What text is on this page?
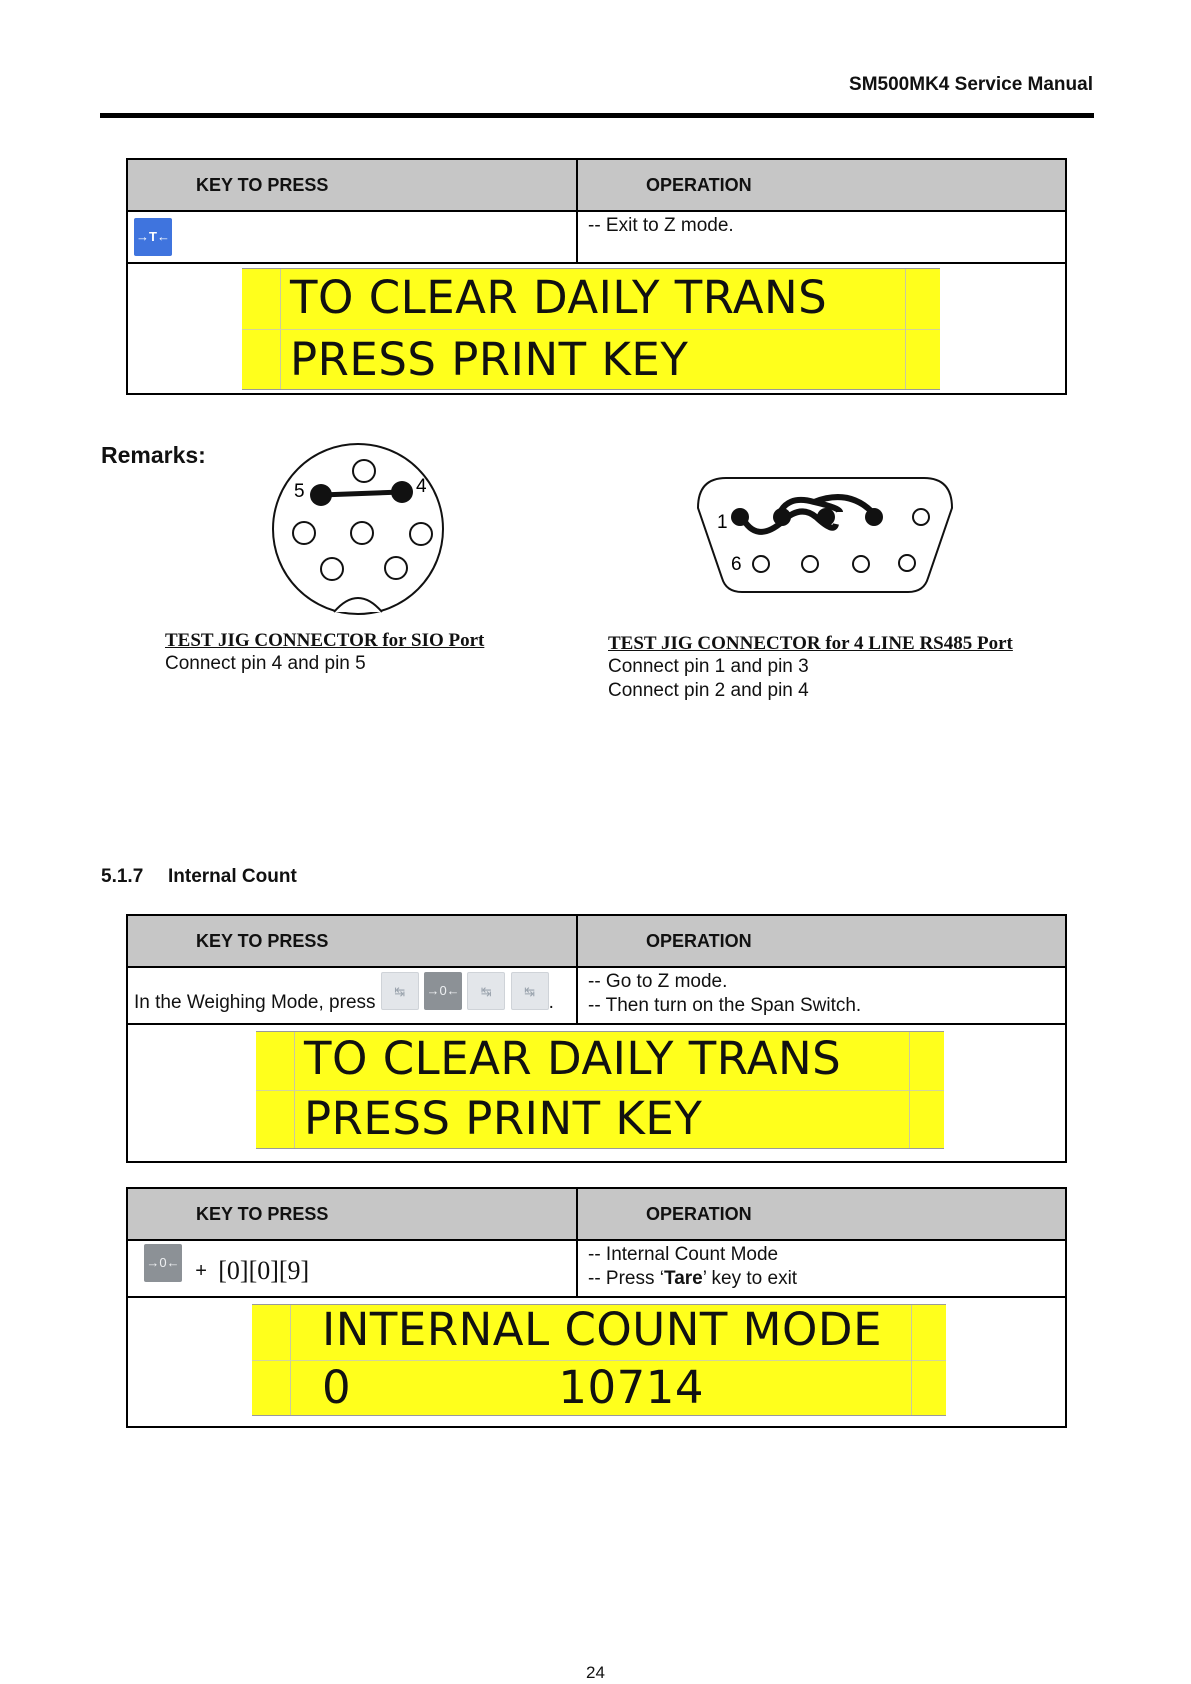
SM500MK4 Service Manual
KEY TO PRESS	OPERATION

→T←	-- Exit to Z mode.

TO CLEAR DAILY TRANS
PRESS PRINT KEY	
Remarks:
5	4
1
6
TEST JIG CONNECTOR for SIO Port
Connect pin 4 and pin 5
TEST JIG CONNECTOR for 4 LINE RS485 Port
Connect pin 1 and pin 3
Connect pin 2 and pin 4
5.1.7 Internal Count
KEY TO PRESS	OPERATION

In the Weighing Mode, press ↹ →0← ↹ ↹.	-- Go to Z mode.
-- Then turn on the Span Switch.

TO CLEAR DAILY TRANS
PRESS PRINT KEY	
KEY TO PRESS	OPERATION

→0← + [0][0][9]	-- Internal Count Mode
-- Press ‘Tare’ key to exit

INTERNAL COUNT MODE
0              10714	
24
